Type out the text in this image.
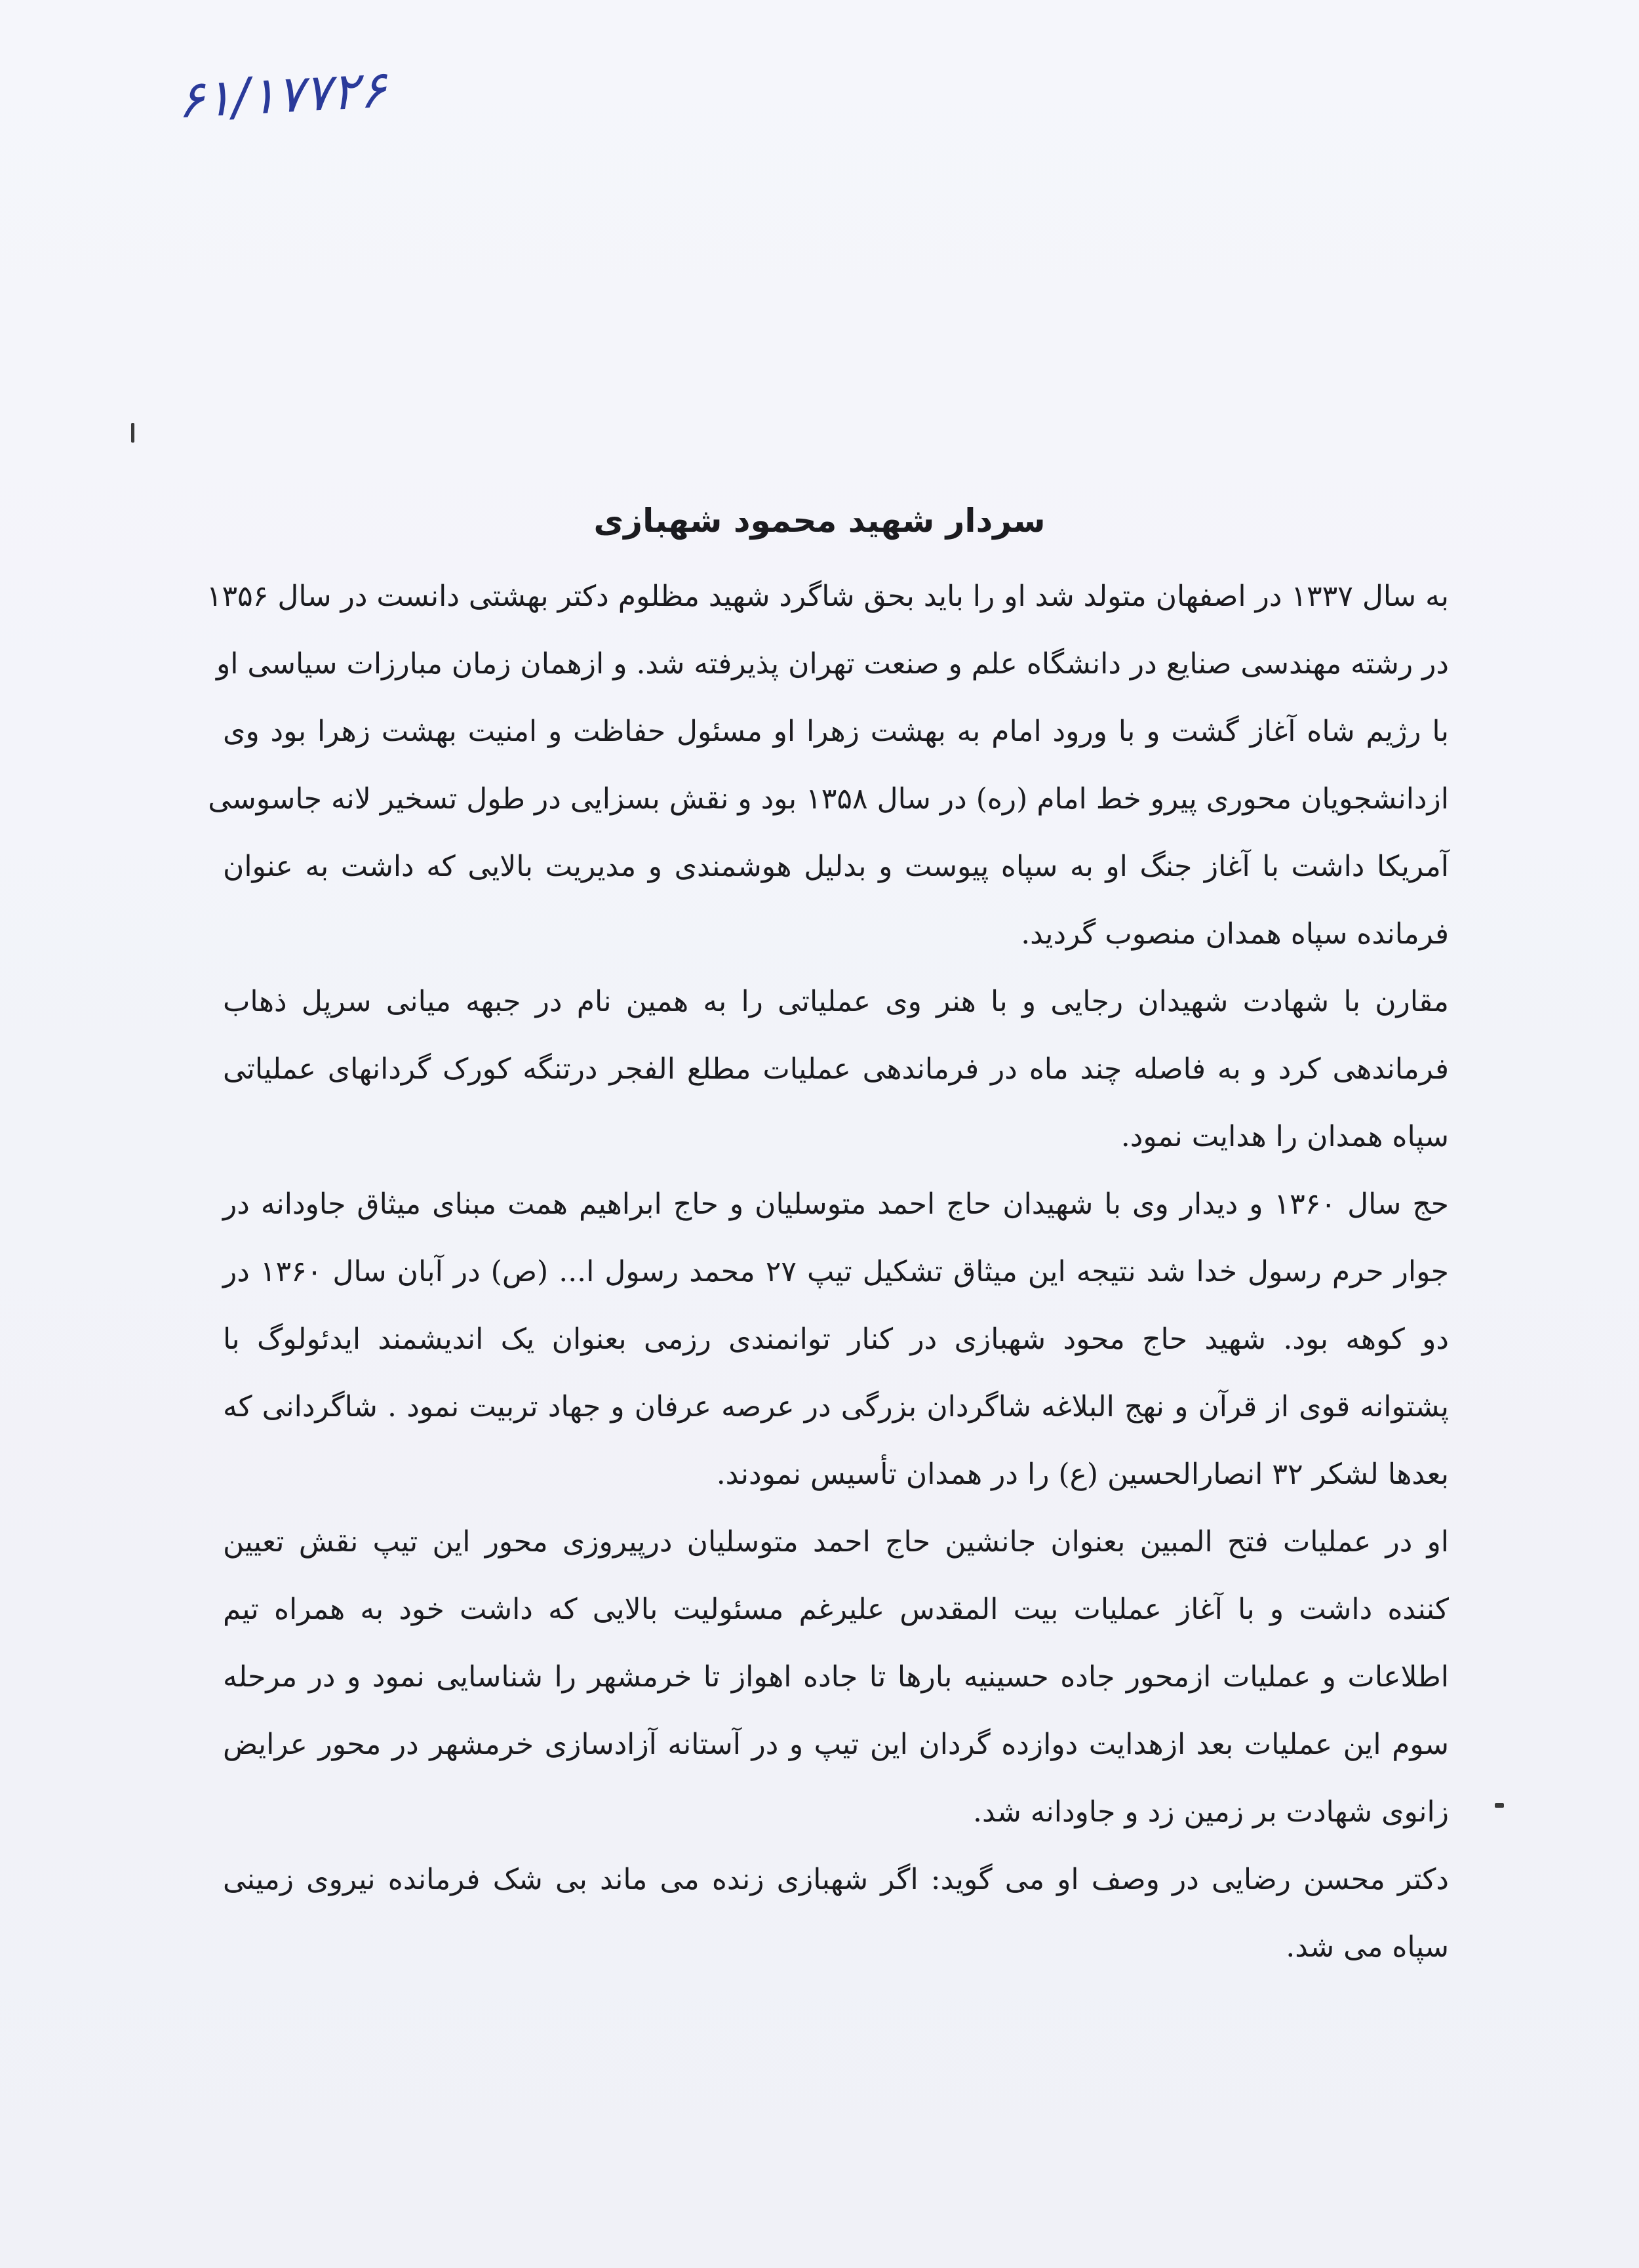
۶۱/۱۷۷۲۶
سردار شهید محمود شهبازی

به سال ۱۳۳۷ در اصفهان متولد شد او را باید بحق شاگرد شهید مظلوم دکتر بهشتی دانست در سال ۱۳۵۶
در رشته مهندسی صنایع در دانشگاه علم و صنعت تهران پذیرفته شد. و ازهمان زمان مبارزات سیاسی او
با رژیم شاه آغاز گشت و با ورود امام به بهشت زهرا او مسئول حفاظت و امنیت بهشت زهرا بود وی
ازدانشجویان محوری پیرو خط امام (ره) در سال ۱۳۵۸ بود و نقش بسزایی در طول تسخیر لانه جاسوسی
آمریکا داشت با آغاز جنگ او به سپاه پیوست و بدلیل هوشمندی و مدیریت بالایی که داشت به عنوان
فرمانده سپاه همدان منصوب گردید.

مقارن با شهادت شهیدان رجایی و با هنر وی عملیاتی را به همین نام در جبهه میانی سرپل ذهاب
فرماندهی کرد و به فاصله چند ماه در فرماندهی عملیات مطلع الفجر درتنگه کورک گردانهای عملیاتی
سپاه همدان را هدایت نمود.

حج سال ۱۳۶۰ و دیدار وی با شهیدان حاج احمد متوسلیان و حاج ابراهیم همت مبنای میثاق جاودانه در
جوار حرم رسول خدا شد نتیجه این میثاق تشکیل تیپ ۲۷ محمد رسول ا... (ص) در آبان سال ۱۳۶۰ در
دو کوهه بود. شهید حاج محود شهبازی در کنار توانمندی رزمی بعنوان یک اندیشمند ایدئولوگ با
پشتوانه قوی از قرآن و نهج البلاغه شاگردان بزرگی در عرصه عرفان و جهاد تربیت نمود . شاگردانی که
بعدها لشکر ۳۲ انصارالحسین (ع) را در همدان تأسیس نمودند.

او در عملیات فتح المبین بعنوان جانشین حاج احمد متوسلیان درپیروزی محور این تیپ نقش تعیین
کننده داشت و با آغاز عملیات بیت المقدس علیرغم مسئولیت بالایی که داشت خود به همراه تیم
اطلاعات و عملیات ازمحور جاده حسینیه بارها تا جاده اهواز تا خرمشهر را شناسایی نمود و در مرحله
سوم این عملیات بعد ازهدایت دوازده گردان این تیپ و در آستانه آزادسازی خرمشهر در محور عرایض
زانوی شهادت بر زمین زد و جاودانه شد.

دکتر محسن رضایی در وصف او می گوید: اگر شهبازی زنده می ماند بی شک فرمانده نیروی زمینی
سپاه می شد.
